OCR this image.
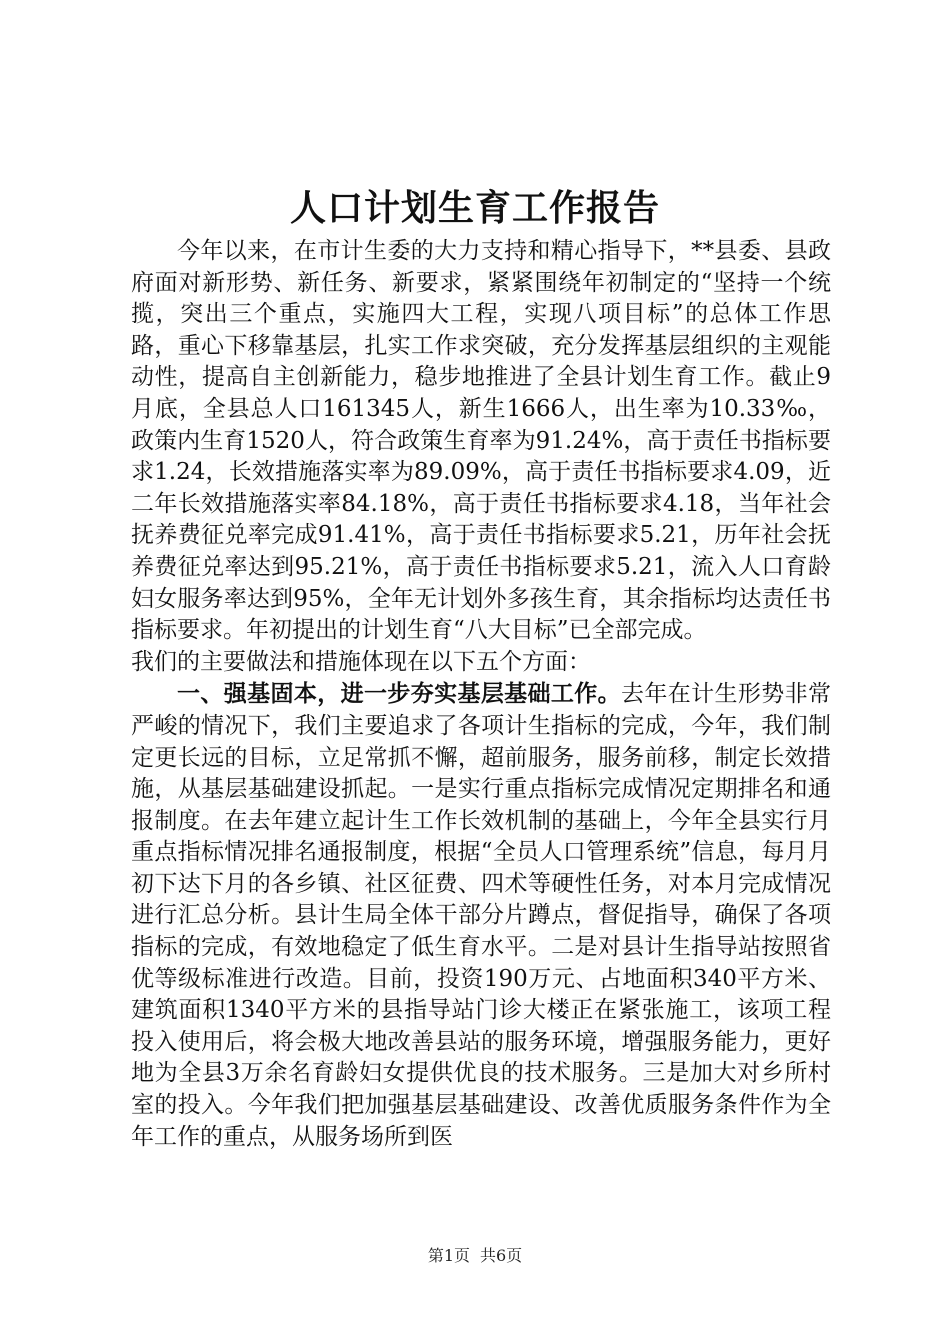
人口计划生育工作报告

今年以来，在市计生委的大力支持和精心指导下，**县委、县政府面对新形势、新任务、新要求，紧紧围绕年初制定的“坚持一个统揽，突出三个重点，实施四大工程，实现八项目标”的总体工作思路，重心下移靠基层，扎实工作求突破，充分发挥基层组织的主观能动性，提高自主创新能力，稳步地推进了全县计划生育工作。截止9月底，全县总人口161345人，新生1666人，出生率为10.33‰，政策内生育1520人，符合政策生育率为91.24%，高于责任书指标要求1.24，长效措施落实率为89.09%，高于责任书指标要求4.09，近二年长效措施落实率84.18%，高于责任书指标要求4.18，当年社会抚养费征兑率完成91.41%，高于责任书指标要求5.21，历年社会抚养费征兑率达到95.21%，高于责任书指标要求5.21，流入人口育龄妇女服务率达到95%，全年无计划外多孩生育，其余指标均达责任书指标要求。年初提出的计划生育“八大目标”已全部完成。

我们的主要做法和措施体现在以下五个方面：

一、强基固本，进一步夯实基层基础工作。去年在计生形势非常严峻的情况下，我们主要追求了各项计生指标的完成，今年，我们制定更长远的目标，立足常抓不懈，超前服务，服务前移，制定长效措施，从基层基础建设抓起。一是实行重点指标完成情况定期排名和通报制度。在去年建立起计生工作长效机制的基础上，今年全县实行月重点指标情况排名通报制度，根据“全员人口管理系统”信息，每月月初下达下月的各乡镇、社区征费、四术等硬性任务，对本月完成情况进行汇总分析。县计生局全体干部分片蹲点，督促指导，确保了各项指标的完成，有效地稳定了低生育水平。二是对县计生指导站按照省优等级标准进行改造。目前，投资190万元、占地面积340平方米、建筑面积1340平方米的县指导站门诊大楼正在紧张施工，该项工程投入使用后，将会极大地改善县站的服务环境，增强服务能力，更好地为全县3万余名育龄妇女提供优良的技术服务。三是加大对乡所村室的投入。今年我们把加强基层基础建设、改善优质服务条件作为全年工作的重点，从服务场所到医

第1页 共6页
